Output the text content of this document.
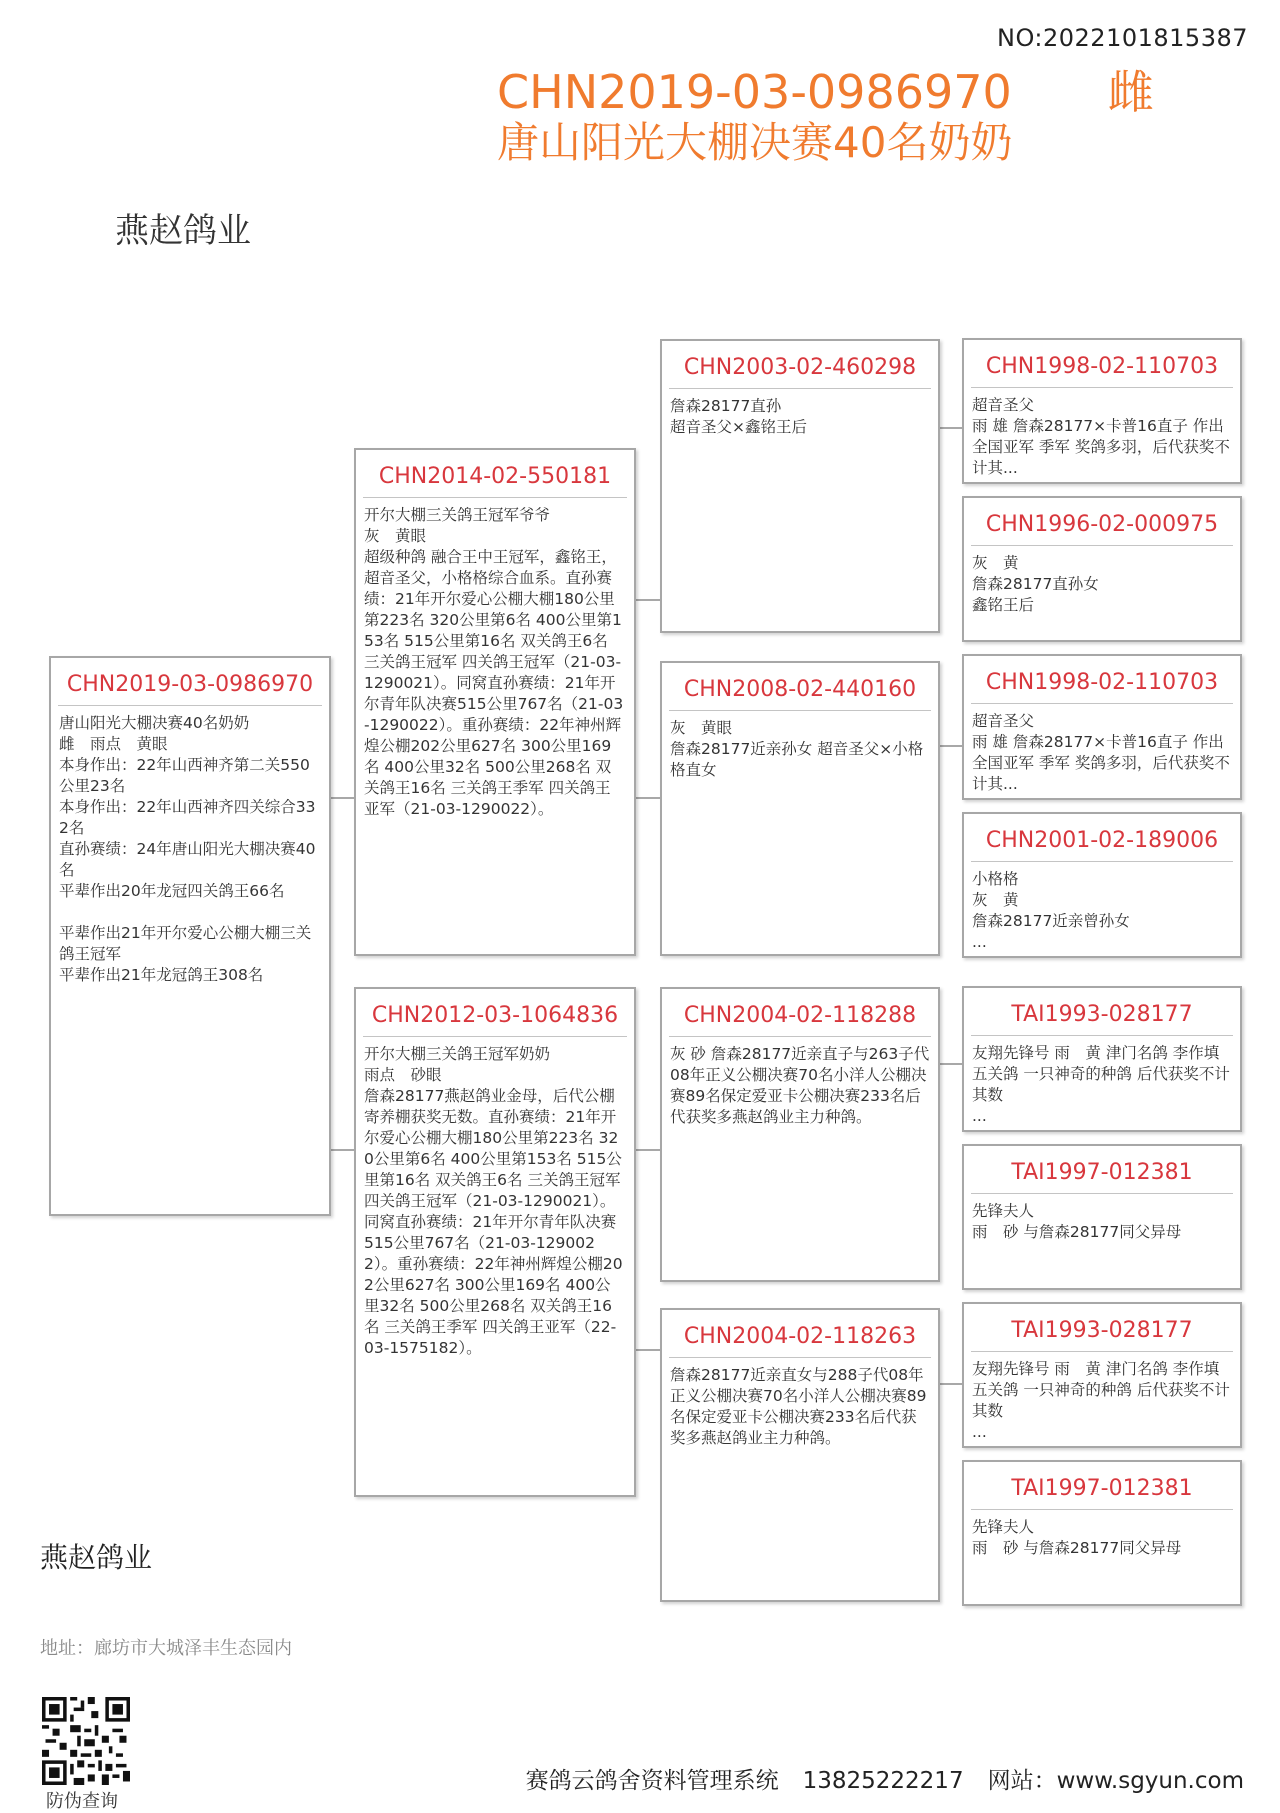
NO:2022101815387
CHN2019-03-0986970 雌
唐山阳光大棚决赛40名奶奶
燕赵鸽业
CHN2019-03-0986970
唐山阳光大棚决赛40名奶奶
雌　雨点　黄眼
本身作出：22年山西神齐第二关550公里23名
本身作出：22年山西神齐四关综合332名
直孙赛绩：24年唐山阳光大棚决赛40名
平辈作出20年龙冠四关鸽王66名

平辈作出21年开尔爱心公棚大棚三关鸽王冠军
平辈作出21年龙冠鸽王308名
CHN2014-02-550181
开尔大棚三关鸽王冠军爷爷
灰　黄眼
超级种鸽 融合王中王冠军，鑫铭王，超音圣父，小格格综合血系。直孙赛绩：21年开尔爱心公棚大棚180公里第223名 320公里第6名 400公里第153名 515公里第16名 双关鸽王6名 三关鸽王冠军 四关鸽王冠军（21-03-1290021）。同窝直孙赛绩：21年开尔青年队决赛515公里767名（21-03-1290022）。重孙赛绩：22年神州辉煌公棚202公里627名 300公里169名 400公里32名 500公里268名 双关鸽王16名 三关鸽王季军 四关鸽王亚军（21-03-1290022）。
CHN2012-03-1064836
开尔大棚三关鸽王冠军奶奶
雨点　砂眼
詹森28177燕赵鸽业金母，后代公棚寄养棚获奖无数。直孙赛绩：21年开尔爱心公棚大棚180公里第223名 320公里第6名 400公里第153名 515公里第16名 双关鸽王6名 三关鸽王冠军 四关鸽王冠军（21-03-1290021）。同窝直孙赛绩：21年开尔青年队决赛515公里767名（21-03-1290022）。重孙赛绩：22年神州辉煌公棚202公里627名 300公里169名 400公里32名 500公里268名 双关鸽王16名 三关鸽王季军 四关鸽王亚军（22-03-1575182）。
CHN2003-02-460298
詹森28177直孙
超音圣父×鑫铭王后
CHN2008-02-440160
灰　黄眼
詹森28177近亲孙女 超音圣父×小格格直女
CHN2004-02-118288
灰 砂 詹森28177近亲直子与263子代08年正义公棚决赛70名小洋人公棚决赛89名保定爱亚卡公棚决赛233名后代获奖多燕赵鸽业主力种鸽。
CHN2004-02-118263
詹森28177近亲直女与288子代08年正义公棚决赛70名小洋人公棚决赛89名保定爱亚卡公棚决赛233名后代获奖多燕赵鸽业主力种鸽。
CHN1998-02-110703
超音圣父
雨 雄 詹森28177×卡普16直子 作出全国亚军 季军 奖鸽多羽，后代获奖不计其...
CHN1996-02-000975
灰　黄
詹森28177直孙女
鑫铭王后
CHN1998-02-110703
超音圣父
雨 雄 詹森28177×卡普16直子 作出全国亚军 季军 奖鸽多羽，后代获奖不计其...
CHN2001-02-189006
小格格
灰　黄
詹森28177近亲曾孙女
...
TAI1993-028177
友翔先锋号 雨　黄 津门名鸽 李作填五关鸽 一只神奇的种鸽 后代获奖不计其数
...
TAI1997-012381
先锋夫人
雨　砂 与詹森28177同父异母
TAI1993-028177
友翔先锋号 雨　黄 津门名鸽 李作填五关鸽 一只神奇的种鸽 后代获奖不计其数
...
TAI1997-012381
先锋夫人
雨　砂 与詹森28177同父异母
燕赵鸽业
地址：廊坊市大城泽丰生态园内
防伪查询
赛鸽云鸽舍资料管理系统 13825222217 网站：www.sgyun.com
